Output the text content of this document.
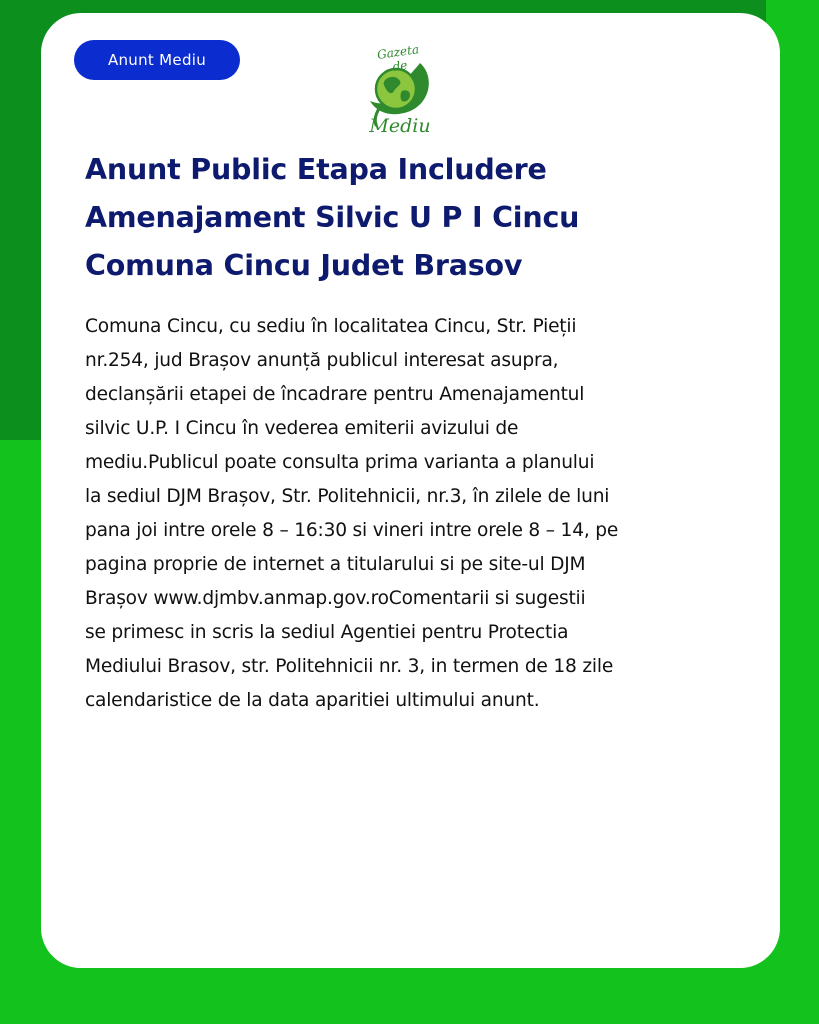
Anunt Mediu	Gazeta de
Mediu
Anunt Public Etapa Includere
Amenajament Silvic U P I Cincu
Comuna Cincu Judet Brasov

Comuna Cincu, cu sediu în localitatea Cincu, Str. Pieții
nr.254, jud Brașov anunță publicul interesat asupra,
declanșării etapei de încadrare pentru Amenajamentul
silvic U.P. I Cincu în vederea emiterii avizului de
mediu.Publicul poate consulta prima varianta a planului
la sediul DJM Brașov, Str. Politehnicii, nr.3, în zilele de luni
pana joi intre orele 8 – 16:30 si vineri intre orele 8 – 14, pe
pagina proprie de internet a titularului si pe site-ul DJM
Brașov www.djmbv.anmap.gov.roComentarii si sugestii
se primesc in scris la sediul Agentiei pentru Protectia
Mediului Brasov, str. Politehnicii nr. 3, in termen de 18 zile
calendaristice de la data aparitiei ultimului anunt.
